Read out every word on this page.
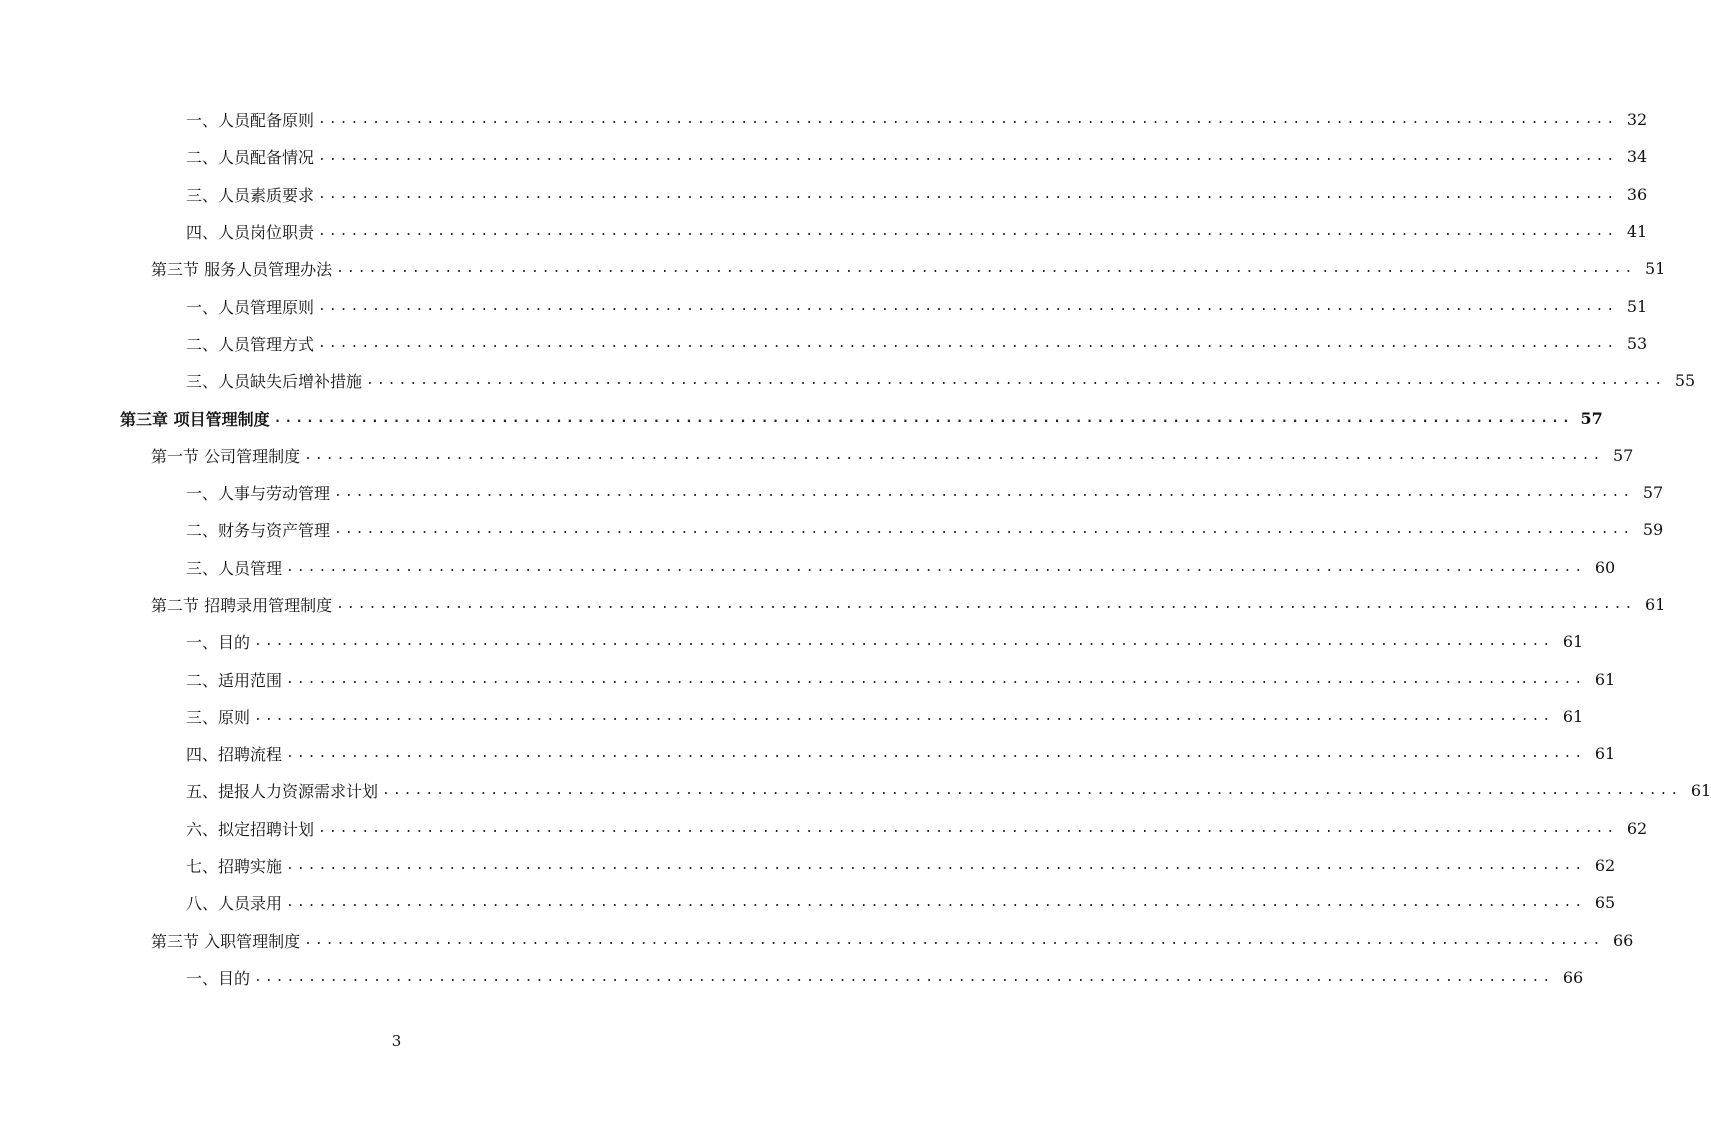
一、人员配备原则 ........................................................................................................................ 32
二、人员配备情况 ........................................................................................................................ 34
三、人员素质要求 ........................................................................................................................ 36
四、人员岗位职责 ........................................................................................................................ 41
第三节 服务人员管理办法 ........................................................................................................................ 51
一、人员管理原则 ........................................................................................................................ 51
二、人员管理方式 ........................................................................................................................ 53
三、人员缺失后增补措施 ........................................................................................................................ 55
第三章 项目管理制度 ........................................................................................................................ 57
第一节 公司管理制度 ........................................................................................................................ 57
一、人事与劳动管理 ........................................................................................................................ 57
二、财务与资产管理 ........................................................................................................................ 59
三、人员管理 ........................................................................................................................ 60
第二节 招聘录用管理制度 ........................................................................................................................ 61
一、目的 ........................................................................................................................ 61
二、适用范围 ........................................................................................................................ 61
三、原则 ........................................................................................................................ 61
四、招聘流程 ........................................................................................................................ 61
五、提报人力资源需求计划 ........................................................................................................................ 61
六、拟定招聘计划 ........................................................................................................................ 62
七、招聘实施 ........................................................................................................................ 62
八、人员录用 ........................................................................................................................ 65
第三节 入职管理制度 ........................................................................................................................ 66
一、目的 ........................................................................................................................ 66
3
